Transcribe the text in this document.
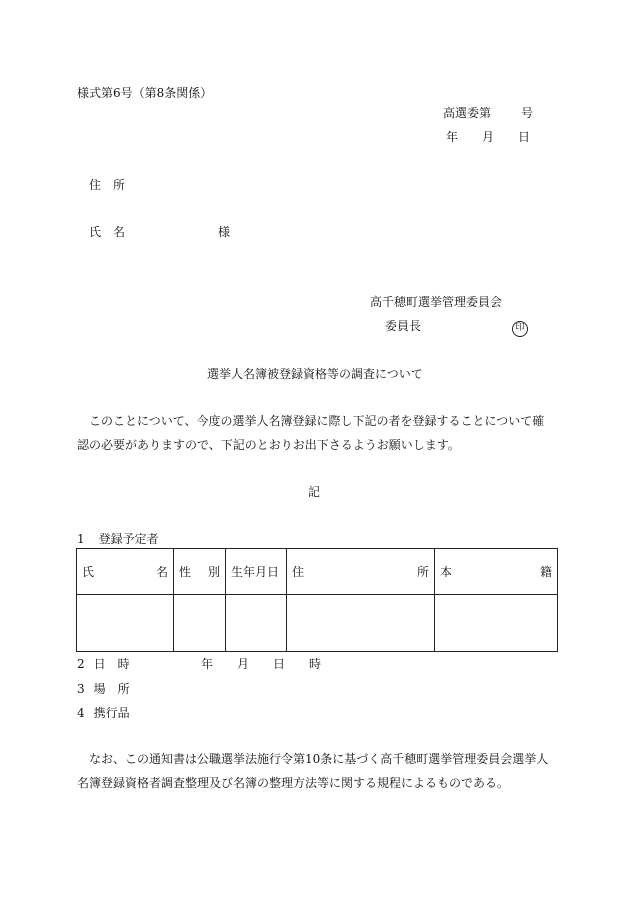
様式第6号（第8条関係）
高選委第	号
年 月 日
住　所
氏　名	様
高千穂町選挙管理委員会
委員長	印
選挙人名簿被登録資格等の調査について
このことについて、今度の選挙人名簿登録に際し下記の者を登録することについて確認の必要がありますので、下記のとおりお出下さるようお願いします。
記
1 登録予定者
氏 名	性 別	生年月日	住 所	本 籍

2 日　時	年 月 日 時
3 場　所
4 携行品
なお、この通知書は公職選挙法施行令第10条に基づく高千穂町選挙管理委員会選挙人名簿登録資格者調査整理及び名簿の整理方法等に関する規程によるものである。
